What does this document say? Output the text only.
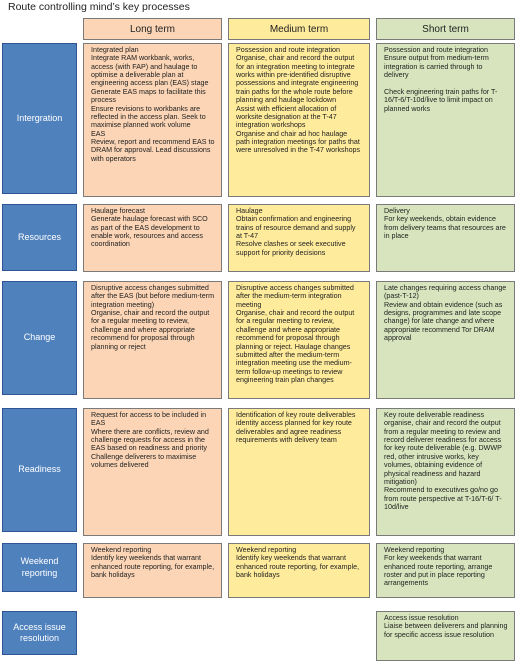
Route controlling mind’s key processes
Long term	Medium term	Short term
Intergration

Integrated plan

Integrate RAM workbank, works, access (with FAP) and haulage to optimise a deliverable plan at engineering access plan (EAS) stage

Generate EAS maps to facilitate this process

Ensure revisions to workbanks are reflected in the access plan. Seek to maximise planned work volume

EAS

Review, report and recommend EAS to DRAM for approval. Lead discussions with operators

Possession and route integration

Organise, chair and record the output for an integration meeting to integrate works within pre-identified disruptive possessions and integrate engineering train paths for the whole route before planning and haulage lockdown

Assist with efficient allocation of worksite designation at the T-47 integration workshops

Organise and chair ad hoc haulage path integration meetings for paths that were unresolved in the T-47 workshops

Possession and route integration

Ensure output from medium-term integration is carried through to delivery

Check engineering train paths for T-16/T-6/T-10d/live to limit impact on planned works

Resources

Haulage forecast

Generate haulage forecast with SCO as part of the EAS development to enable work, resources and access coordination

Haulage

Obtain confirmation and engineering trains of resource demand and supply at T-47

Resolve clashes or seek executive support for priority decisions

Delivery

For key weekends, obtain evidence from delivery teams that resources are in place

Change

Disruptive access changes submitted after the EAS (but before medium-term integration meeting)

Organise, chair and record the output for a regular meeting to review, challenge and where appropriate recommend for proposal through planning or reject

Disruptive access changes submitted after the medium-term integration meeting

Organise, chair and record the output for a regular meeting to review, challenge and where appropriate recommend for proposal through planning or reject. Haulage changes submitted after the medium-term integration meeting use the medium-term follow-up meetings to review engineering train plan changes

Late changes requiring access change (past-T-12)

Review and obtain evidence (such as designs, programmes and late scope change) for late change and where appropriate recommend Tor DRAM approval

Readiness

Request for access to be included in EAS

Where there are conflicts, review and challenge requests for access in the EAS based on readiness and priority

Challenge deliverers to maximise volumes delivered

Identification of key route deliverables identity access planned for key route deliverables and agree readiness requirements with delivery team

Key route deliverable readiness organise, chair and record the output from a regular meeting to review and record deliverer readiness for access for key route deliverable (e.g. DWWP red, other intrusive works, key volumes, obtaining evidence of physical readiness and hazard mitigation)

Recommend to executives go/no go from route perspective at T-16/T-6/ T-10d/live

Weekend reporting

Weekend reporting

Identify key weekends that warrant enhanced route reporting, for example, bank holidays

Weekend reporting

Identify key weekends that warrant enhanced route reporting, for example, bank holidays

Weekend reporting

For key weekends that warrant enhanced route reporting, arrange roster and put in place reporting arrangements

Access issue resolution

Access issue resolution

Liaise between deliverers and planning for specific access issue resolution
